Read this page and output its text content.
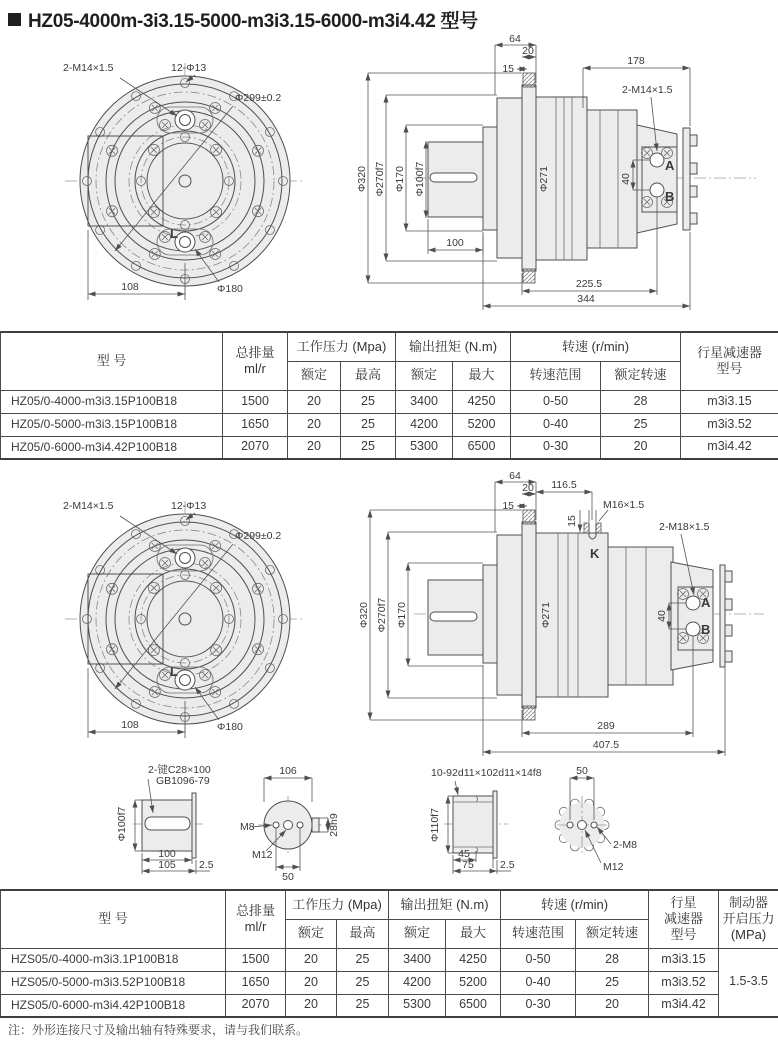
HZ05-4000m-3i3.15-5000-m3i3.15-6000-m3i4.42 型号
2-M14×1.5	12-Φ13
Φ299±0.2
Φ180
108
L
Φ320 Φ270f7 Φ170 Φ100f7	Φ271
64
20
15
178
2-M14×1.5
40
A
B
100
225.5
344
型 号	
总排量
ml/r
	工作压力 (Mpa)	输出扭矩 (N.m)	转速 (r/min)	行星减速器
型号

		额定	最高	额定	最大	转速范围	额定转速	
HZ05/0-4000-m3i3.15P100B18	1500	20	25	3400	4250	0-50	28	m3i3.15
HZ05/0-5000-m3i3.15P100B18	1650	20	25	4200	5200	0-40	25	m3i3.52
HZ05/0-6000-m3i4.42P100B18	2070	20	25	5300	6500	0-30	20	m3i4.42
2-M14×1.5	12-Φ13
Φ299±0.2
Φ180
108
L
Φ320 Φ270f7 Φ170	Φ271
64
20
15
116.5
M16×1.5
15
K
2-M18×1.5
40
A
B
289
407.5
2-键C28×100
GB1096-79
Φ100f7
100
105 2.5
106
28h9
M8
M12
50
10-92d11×102d11×14f8
Φ110f7
45
75 2.5
50
2-M8
M12
型 号	
总排量
ml/r
	工作压力 (Mpa)	输出扭矩 (N.m)	转速 (r/min)	行星
减速器
型号

制动器
开启压力
(MPa)

		额定	最高	额定	最大	转速范围	额定转速		
HZS05/0-4000-m3i3.1P100B18	1500	20	25	3400	4250	0-50	28	m3i3.15	1.5-3.5
HZS05/0-5000-m3i3.52P100B18	1650	20	25	4200	5200	0-40	25	m3i3.52	
HZS05/0-6000-m3i4.42P100B18	2070	20	25	5300	6500	0-30	20	m3i4.42	
注：外形连接尺寸及输出轴有特殊要求，请与我们联系。
